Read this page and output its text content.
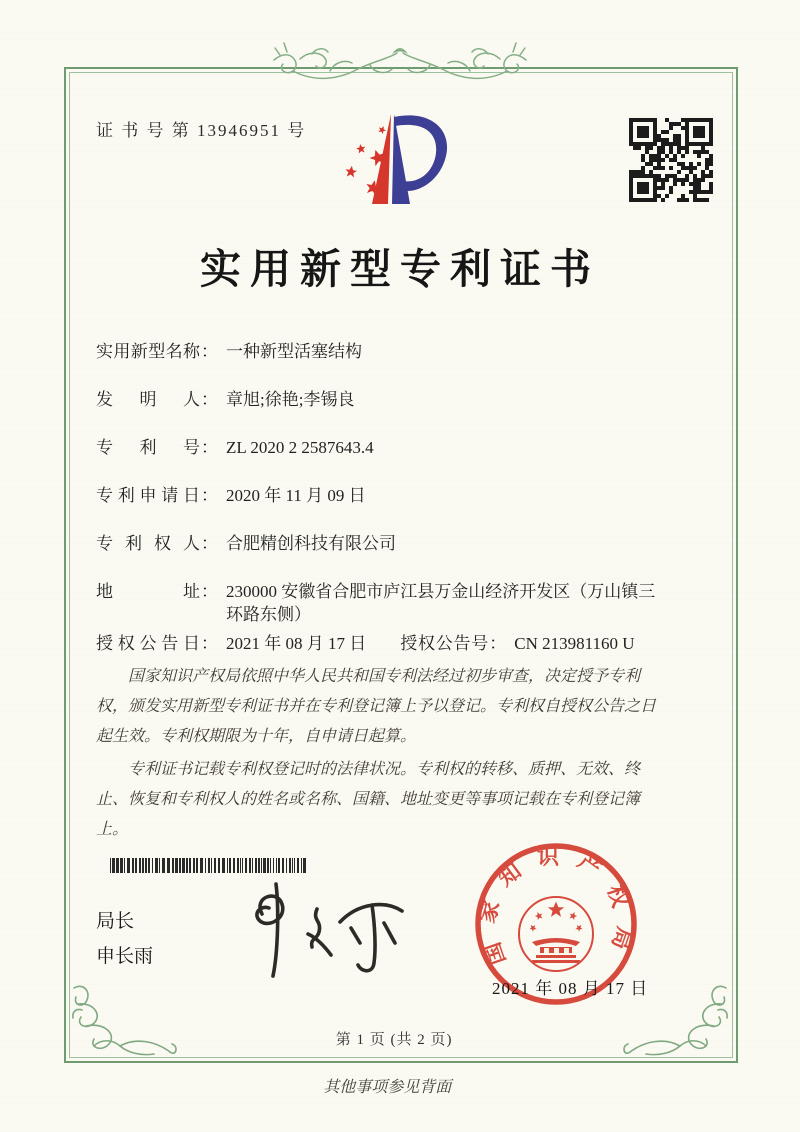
证 书 号 第 13946951 号
实用新型专利证书
实用新型名称 ： 一种新型活塞结构
发明人 ： 章旭;徐艳;李锡良
专利号 ： ZL 2020 2 2587643.4
专利申请日 ： 2020 年 11 月 09 日
专利权人 ： 合肥精创科技有限公司
地址 ： 230000 安徽省合肥市庐江县万金山经济开发区（万山镇三环路东侧）
授权公告日 ： 2021 年 08 月 17 日 授权公告号 ： CN 213981160 U

国家知识产权局依照中华人民共和国专利法经过初步审查，决定授予专利权，颁发实用新型专利证书并在专利登记簿上予以登记。专利权自授权公告之日起生效。专利权期限为十年，自申请日起算。

专利证书记载专利权登记时的法律状况。专利权的转移、质押、无效、终止、恢复和专利权人的姓名或名称、国籍、地址变更等事项记载在专利登记簿上。

局长
申长雨	国家知识产权局
2021 年 08 月 17 日
第 1 页 (共 2 页)
其他事项参见背面
